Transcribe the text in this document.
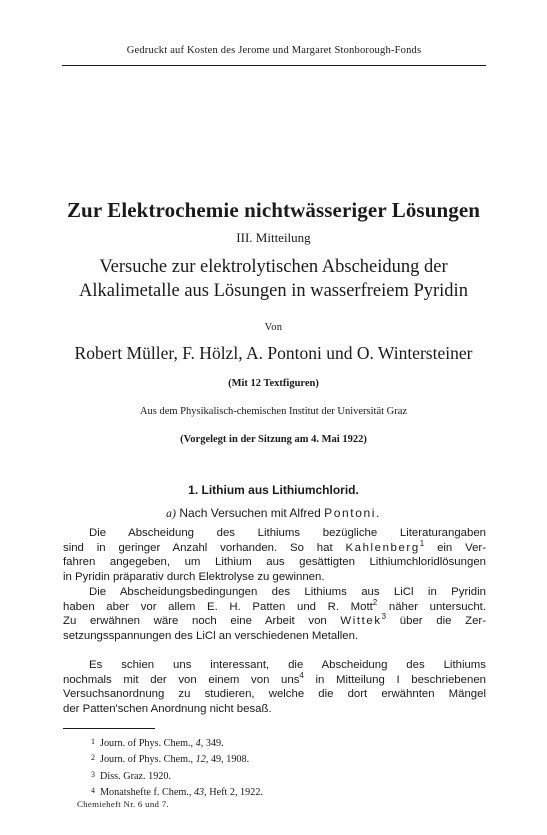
Gedruckt auf Kosten des Jerome und Margaret Stonborough-Fonds
Zur Elektrochemie nichtwässeriger Lösungen
III. Mitteilung
Versuche zur elektrolytischen Abscheidung der
Alkalimetalle aus Lösungen in wasserfreiem Pyridin
Von
Robert Müller, F. Hölzl, A. Pontoni und O. Wintersteiner
(Mit 12 Textfiguren)
Aus dem Physikalisch-chemischen Institut der Universität Graz
(Vorgelegt in der Sitzung am 4. Mai 1922)
1. Lithium aus Lithiumchlorid.
a) Nach Versuchen mit Alfred Pontoni.
Die Abscheidung des Lithiums bezügliche Literaturangaben
sind in geringer Anzahl vorhanden. So hat Kahlenberg$^1$ ein Ver-
fahren angegeben, um Lithium aus gesättigten Lithiumchloridlösungen
in Pyridin präparativ durch Elektrolyse zu gewinnen.
Die Abscheidungsbedingungen des Lithiums aus LiCl in Pyridin
haben aber vor allem E. H. Patten und R. Mott$^2$ näher untersucht.
Zu erwähnen wäre noch eine Arbeit von Wittek$^3$ über die Zer-
setzungsspannungen des LiCl an verschiedenen Metallen.
Es schien uns interessant, die Abscheidung des Lithiums
nochmals mit der von einem von uns$^4$ in Mitteilung I beschriebenen
Versuchsanordnung zu studieren, welche die dort erwähnten Mängel
der Patten'schen Anordnung nicht besaß.
1 Journ. of Phys. Chem., 4, 349.
2 Journ. of Phys. Chem., 12, 49, 1908.
3 Diss. Graz. 1920.
4 Monatshefte f. Chem., 43, Heft 2, 1922.
Chemieheft Nr. 6 und 7.
